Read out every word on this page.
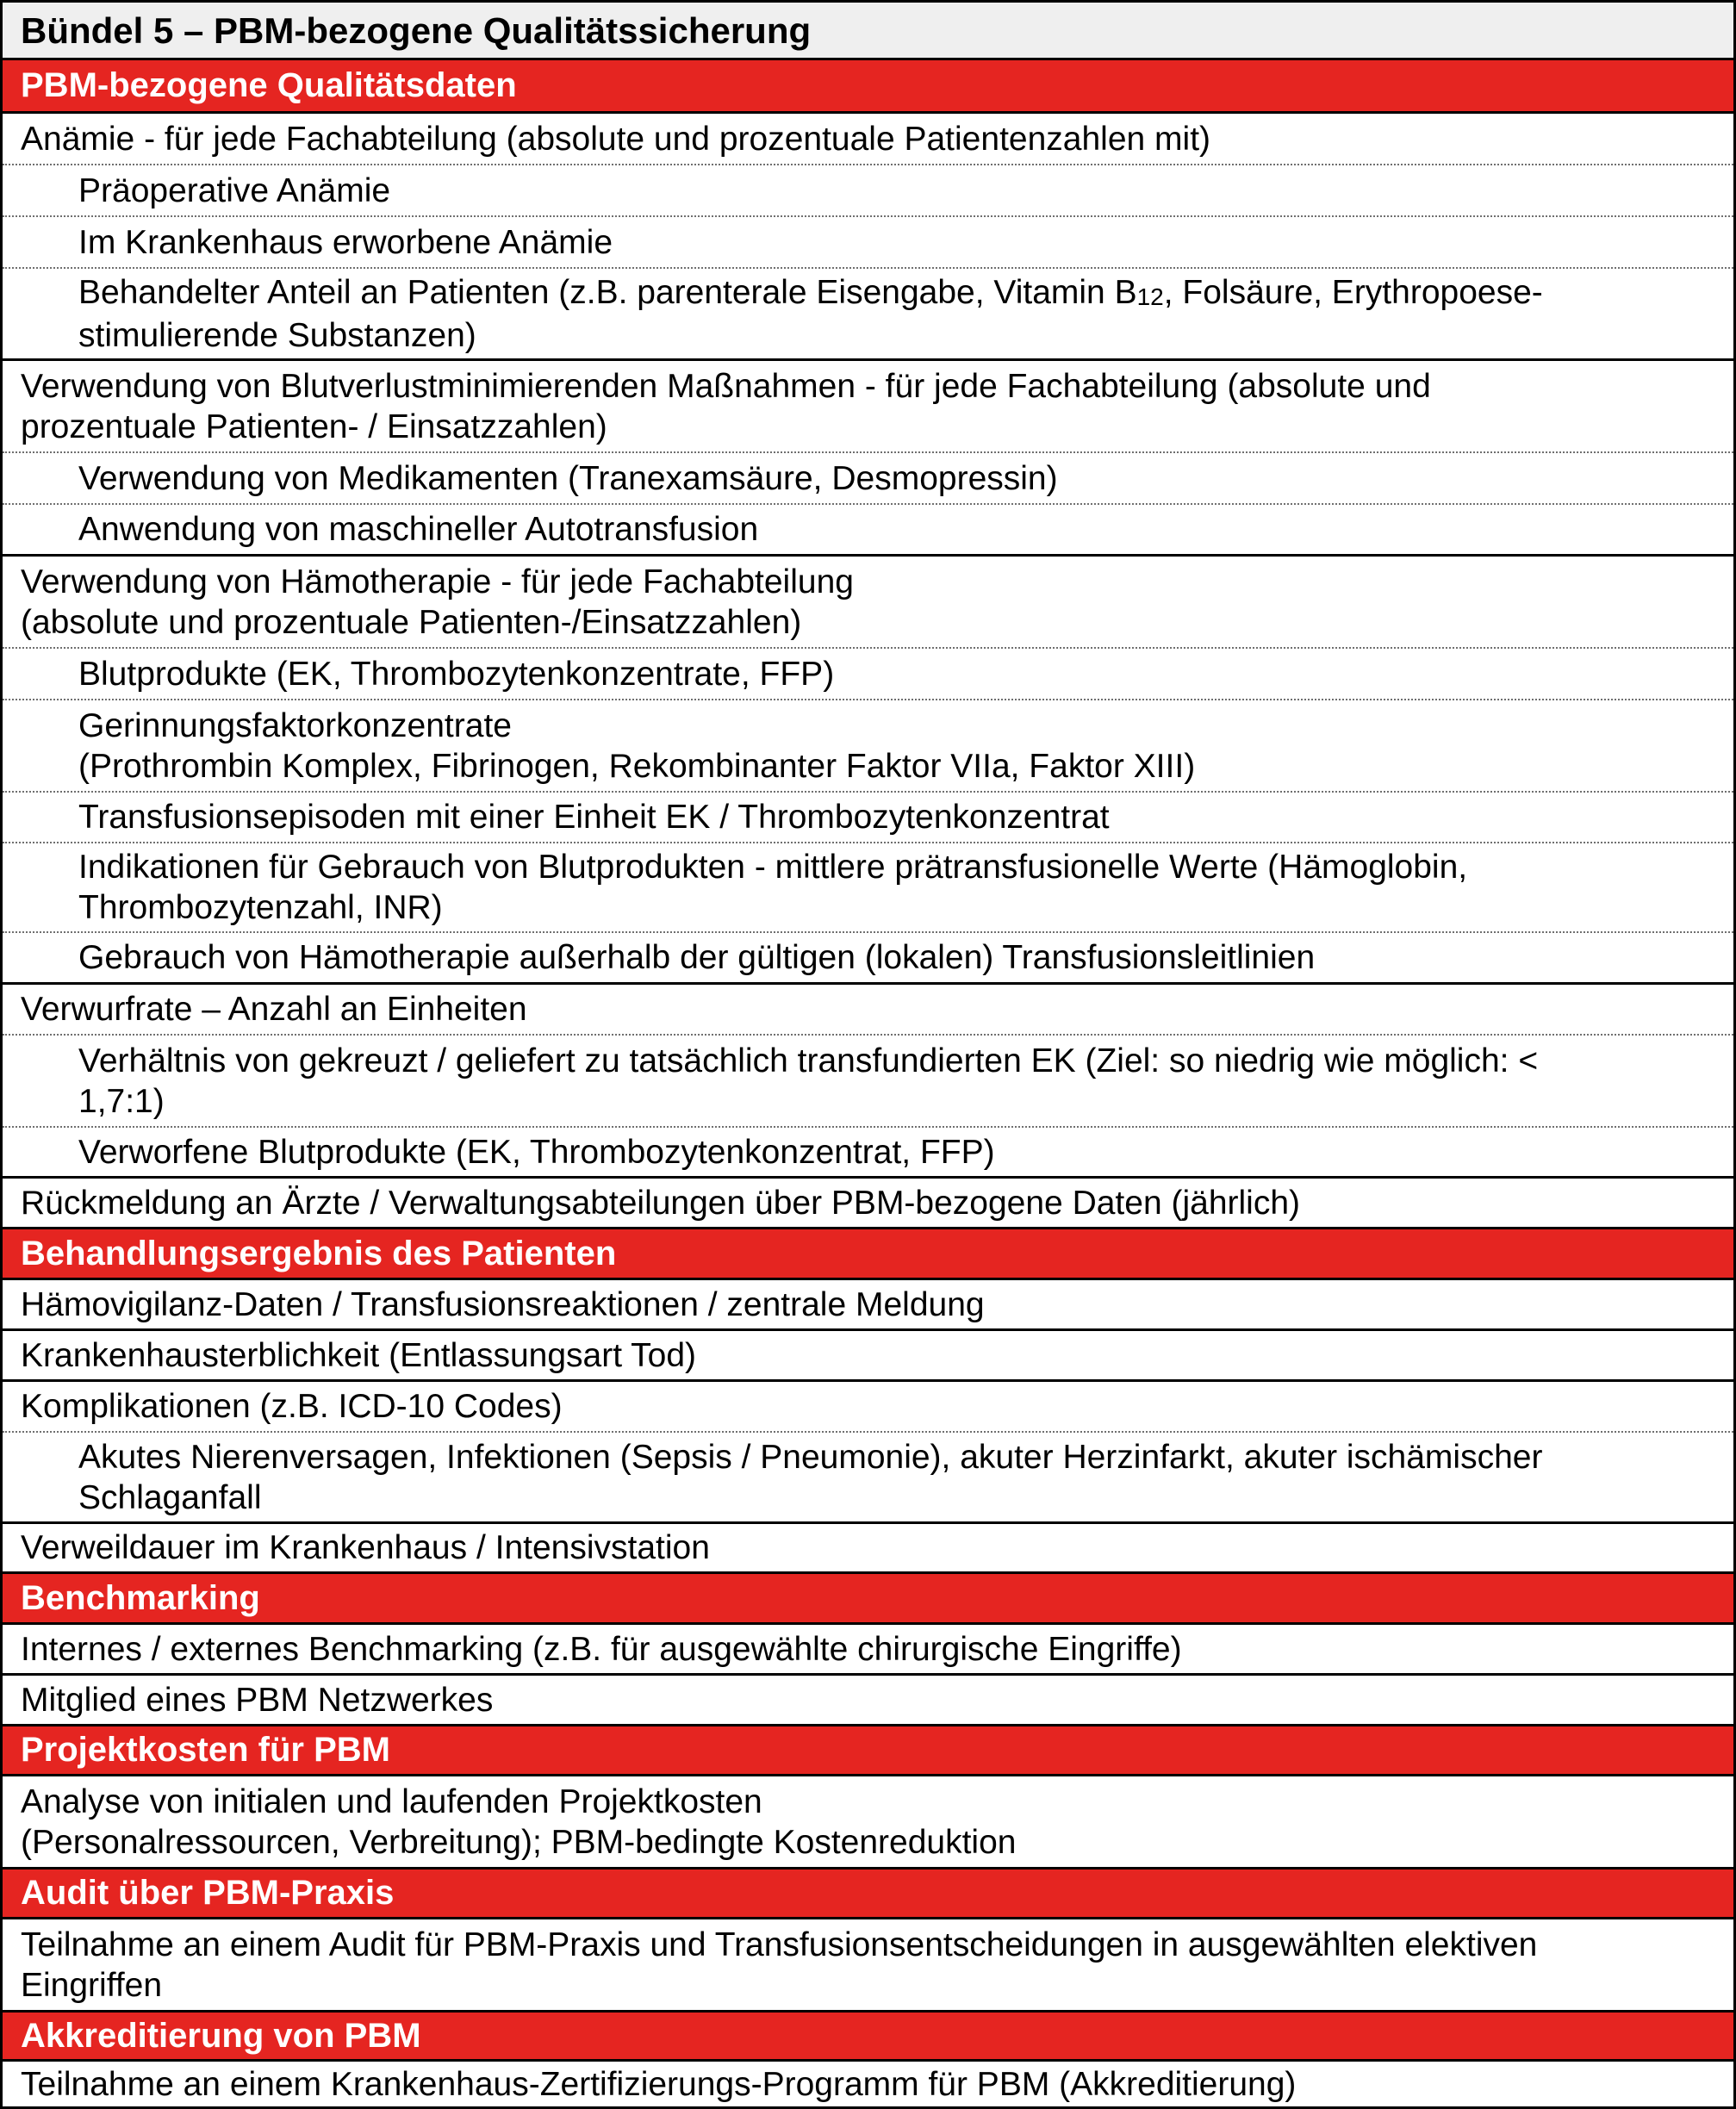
Bündel 5 – PBM-bezogene Qualitätssicherung
PBM-bezogene Qualitätsdaten
Anämie - für jede Fachabteilung (absolute und prozentuale Patientenzahlen mit)
Präoperative Anämie
Im Krankenhaus erworbene Anämie
Behandelter Anteil an Patienten (z.B. parenterale Eisengabe, Vitamin $B_{12}$, Folsäure, Erythropoese-
stimulierende Substanzen)
Verwendung von Blutverlustminimierenden Maßnahmen - für jede Fachabteilung (absolute und
prozentuale Patienten- / Einsatzzahlen)
Verwendung von Medikamenten (Tranexamsäure, Desmopressin)
Anwendung von maschineller Autotransfusion
Verwendung von Hämotherapie - für jede Fachabteilung
(absolute und prozentuale Patienten-/Einsatzzahlen)
Blutprodukte (EK, Thrombozytenkonzentrate, FFP)
Gerinnungsfaktorkonzentrate
(Prothrombin Komplex, Fibrinogen, Rekombinanter Faktor VIIa, Faktor XIII)
Transfusionsepisoden mit einer Einheit EK / Thrombozytenkonzentrat
Indikationen für Gebrauch von Blutprodukten - mittlere prätransfusionelle Werte (Hämoglobin,
Thrombozytenzahl, INR)
Gebrauch von Hämotherapie außerhalb der gültigen (lokalen) Transfusionsleitlinien
Verwurfrate – Anzahl an Einheiten
Verhältnis von gekreuzt / geliefert zu tatsächlich transfundierten EK (Ziel: so niedrig wie möglich: <
1,7:1)
Verworfene Blutprodukte (EK, Thrombozytenkonzentrat, FFP)
Rückmeldung an Ärzte / Verwaltungsabteilungen über PBM-bezogene Daten (jährlich)
Behandlungsergebnis des Patienten
Hämovigilanz-Daten / Transfusionsreaktionen / zentrale Meldung
Krankenhausterblichkeit (Entlassungsart Tod)
Komplikationen (z.B. ICD-10 Codes)
Akutes Nierenversagen, Infektionen (Sepsis / Pneumonie), akuter Herzinfarkt, akuter ischämischer
Schlaganfall
Verweildauer im Krankenhaus / Intensivstation
Benchmarking
Internes / externes Benchmarking (z.B. für ausgewählte chirurgische Eingriffe)
Mitglied eines PBM Netzwerkes
Projektkosten für PBM
Analyse von initialen und laufenden Projektkosten
(Personalressourcen, Verbreitung); PBM-bedingte Kostenreduktion
Audit über PBM-Praxis
Teilnahme an einem Audit für PBM-Praxis und Transfusionsentscheidungen in ausgewählten elektiven
Eingriffen
Akkreditierung von PBM
Teilnahme an einem Krankenhaus-Zertifizierungs-Programm für PBM (Akkreditierung)
